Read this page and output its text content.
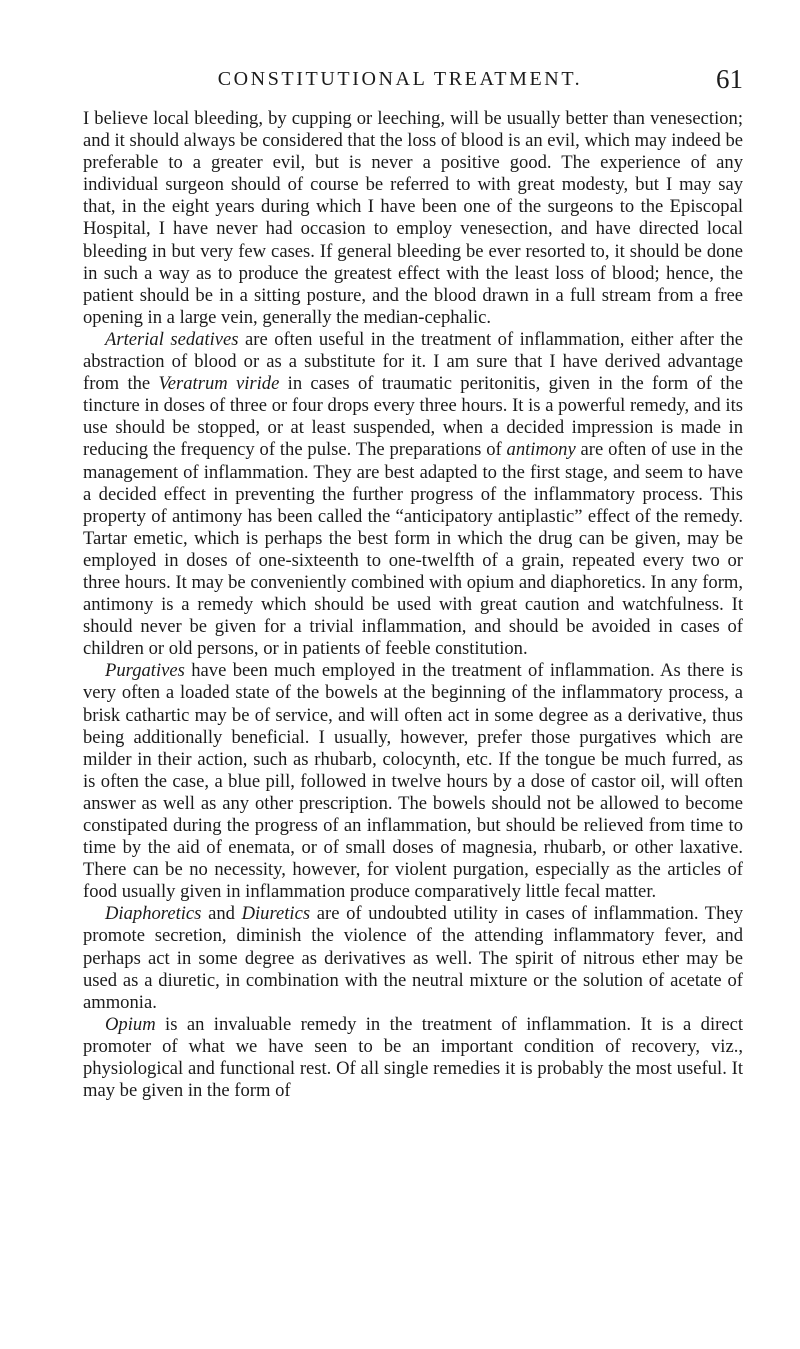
CONSTITUTIONAL TREATMENT.	61

I believe local bleeding, by cupping or leeching, will be usually better than venesection; and it should always be considered that the loss of blood is an evil, which may indeed be preferable to a greater evil, but is never a positive good. The experience of any individual surgeon should of course be referred to with great modesty, but I may say that, in the eight years during which I have been one of the surgeons to the Episcopal Hospital, I have never had occasion to employ venesection, and have directed local bleeding in but very few cases. If general bleeding be ever resorted to, it should be done in such a way as to produce the greatest effect with the least loss of blood; hence, the patient should be in a sitting posture, and the blood drawn in a full stream from a free opening in a large vein, generally the median-cephalic.

Arterial sedatives are often useful in the treatment of inflammation, either after the abstraction of blood or as a substitute for it. I am sure that I have derived advantage from the Veratrum viride in cases of traumatic peritonitis, given in the form of the tincture in doses of three or four drops every three hours. It is a powerful remedy, and its use should be stopped, or at least suspended, when a decided impression is made in reducing the frequency of the pulse. The preparations of antimony are often of use in the management of inflammation. They are best adapted to the first stage, and seem to have a decided effect in preventing the further progress of the inflammatory process. This property of antimony has been called the “anticipatory antiplastic” effect of the remedy. Tartar emetic, which is perhaps the best form in which the drug can be given, may be employed in doses of one-sixteenth to one-twelfth of a grain, repeated every two or three hours. It may be conveniently combined with opium and diaphoretics. In any form, antimony is a remedy which should be used with great caution and watchfulness. It should never be given for a trivial inflammation, and should be avoided in cases of children or old persons, or in patients of feeble constitution.

Purgatives have been much employed in the treatment of inflammation. As there is very often a loaded state of the bowels at the beginning of the inflammatory process, a brisk cathartic may be of service, and will often act in some degree as a derivative, thus being additionally beneficial. I usually, however, prefer those purgatives which are milder in their action, such as rhubarb, colocynth, etc. If the tongue be much furred, as is often the case, a blue pill, followed in twelve hours by a dose of castor oil, will often answer as well as any other prescription. The bowels should not be allowed to become constipated during the progress of an inflammation, but should be relieved from time to time by the aid of enemata, or of small doses of magnesia, rhubarb, or other laxative. There can be no necessity, however, for violent purgation, especially as the articles of food usually given in inflammation produce comparatively little fecal matter.

Diaphoretics and Diuretics are of undoubted utility in cases of inflammation. They promote secretion, diminish the violence of the attending inflammatory fever, and perhaps act in some degree as derivatives as well. The spirit of nitrous ether may be used as a diuretic, in combination with the neutral mixture or the solution of acetate of ammonia.

Opium is an invaluable remedy in the treatment of inflammation. It is a direct promoter of what we have seen to be an important condition of recovery, viz., physiological and functional rest. Of all single remedies it is probably the most useful. It may be given in the form of
